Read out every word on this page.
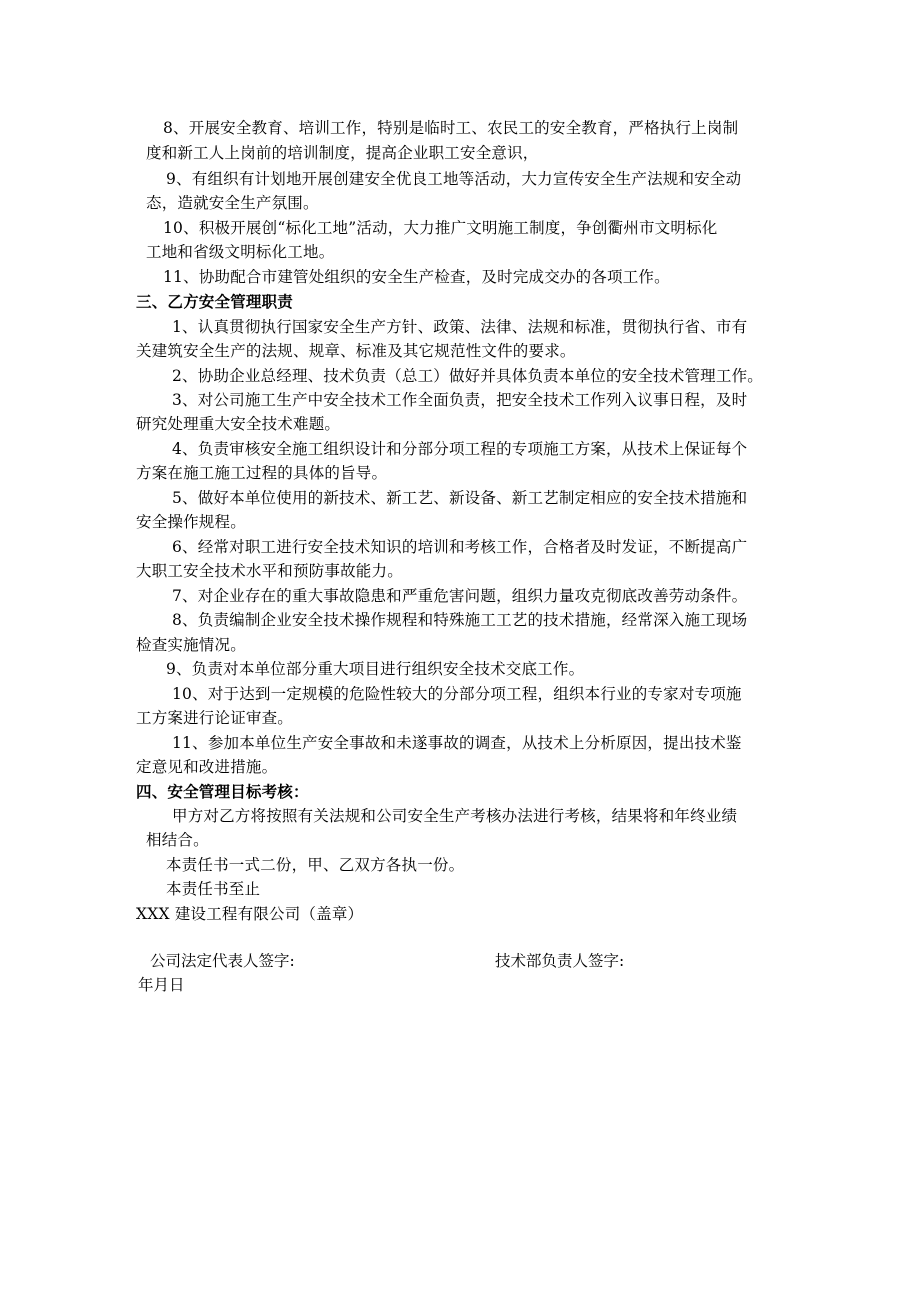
8、开展安全教育、培训工作，特别是临时工、农民工的安全教育，严格执行上岗制
度和新工人上岗前的培训制度，提高企业职工安全意识，
9、有组织有计划地开展创建安全优良工地等活动，大力宣传安全生产法规和安全动
态，造就安全生产氛围。
10、积极开展创“标化工地”活动，大力推广文明施工制度，争创衢州市文明标化
工地和省级文明标化工地。
11、协助配合市建管处组织的安全生产检查，及时完成交办的各项工作。
三、乙方安全管理职责
1、认真贯彻执行国家安全生产方针、政策、法律、法规和标准，贯彻执行省、市有
关建筑安全生产的法规、规章、标准及其它规范性文件的要求。
2、协助企业总经理、技术负责（总工）做好并具体负责本单位的安全技术管理工作。
3、对公司施工生产中安全技术工作全面负责，把安全技术工作列入议事日程，及时
研究处理重大安全技术难题。
4、负责审核安全施工组织设计和分部分项工程的专项施工方案，从技术上保证每个
方案在施工施工过程的具体的旨导。
5、做好本单位使用的新技术、新工艺、新设备、新工艺制定相应的安全技术措施和
安全操作规程。
6、经常对职工进行安全技术知识的培训和考核工作，合格者及时发证，不断提高广
大职工安全技术水平和预防事故能力。
7、对企业存在的重大事故隐患和严重危害问题，组织力量攻克彻底改善劳动条件。
8、负责编制企业安全技术操作规程和特殊施工工艺的技术措施，经常深入施工现场
检查实施情况。
9、负责对本单位部分重大项目进行组织安全技术交底工作。
10、对于达到一定规模的危险性较大的分部分项工程，组织本行业的专家对专项施
工方案进行论证审查。
11、参加本单位生产安全事故和未遂事故的调查，从技术上分析原因，提出技术鉴
定意见和改进措施。
四、安全管理目标考核：
甲方对乙方将按照有关法规和公司安全生产考核办法进行考核，结果将和年终业绩
相结合。
本责任书一式二份，甲、乙双方各执一份。
本责任书至止
XXX 建设工程有限公司（盖章）
公司法定代表人签字:	技术部负责人签字:
年月日
